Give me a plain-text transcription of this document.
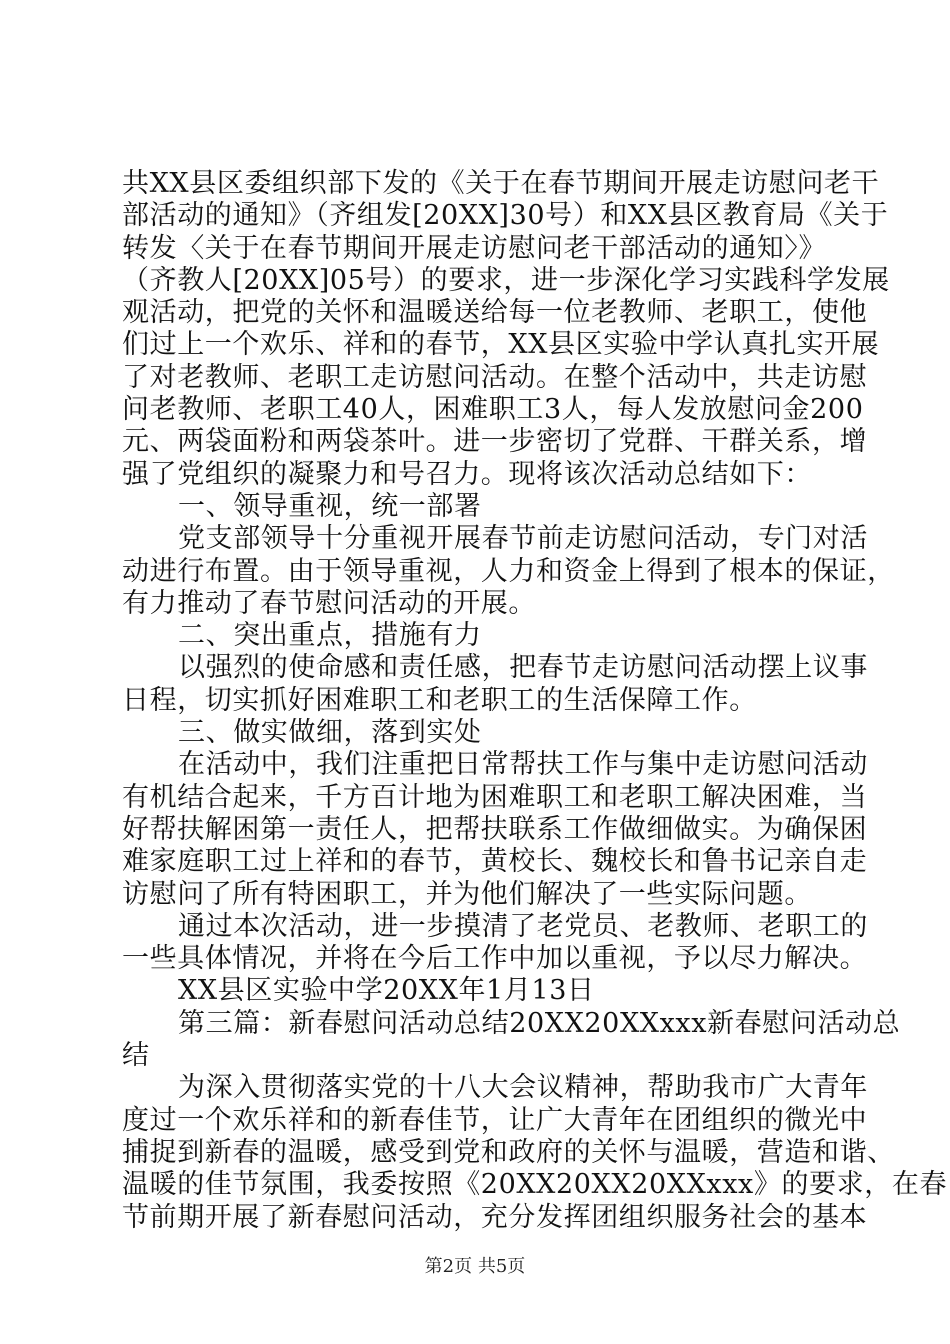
共XX县区委组织部下发的《关于在春节期间开展走访慰问老干
部活动的通知》（齐组发[20XX]30号）和XX县区教育局《关于
转发〈关于在春节期间开展走访慰问老干部活动的通知〉》
（齐教人[20XX]05号）的要求，进一步深化学习实践科学发展
观活动，把党的关怀和温暖送给每一位老教师、老职工，使他
们过上一个欢乐、祥和的春节，XX县区实验中学认真扎实开展
了对老教师、老职工走访慰问活动。在整个活动中，共走访慰
问老教师、老职工40人，困难职工3人，每人发放慰问金200
元、两袋面粉和两袋茶叶。进一步密切了党群、干群关系，增
强了党组织的凝聚力和号召力。现将该次活动总结如下：
一、领导重视，统一部署
党支部领导十分重视开展春节前走访慰问活动，专门对活
动进行布置。由于领导重视，人力和资金上得到了根本的保证，
有力推动了春节慰问活动的开展。
二、突出重点，措施有力
以强烈的使命感和责任感，把春节走访慰问活动摆上议事
日程，切实抓好困难职工和老职工的生活保障工作。
三、做实做细，落到实处
在活动中，我们注重把日常帮扶工作与集中走访慰问活动
有机结合起来，千方百计地为困难职工和老职工解决困难，当
好帮扶解困第一责任人，把帮扶联系工作做细做实。为确保困
难家庭职工过上祥和的春节，黄校长、魏校长和鲁书记亲自走
访慰问了所有特困职工，并为他们解决了一些实际问题。
通过本次活动，进一步摸清了老党员、老教师、老职工的
一些具体情况，并将在今后工作中加以重视，予以尽力解决。
XX县区实验中学20XX年1月13日
第三篇：新春慰问活动总结20XX20XXxxx新春慰问活动总
结
为深入贯彻落实党的十八大会议精神，帮助我市广大青年
度过一个欢乐祥和的新春佳节，让广大青年在团组织的微光中
捕捉到新春的温暖，感受到党和政府的关怀与温暖，营造和谐、
温暖的佳节氛围，我委按照《20XX20XX20XXxxx》的要求，在春
节前期开展了新春慰问活动，充分发挥团组织服务社会的基本
第2页 共5页
